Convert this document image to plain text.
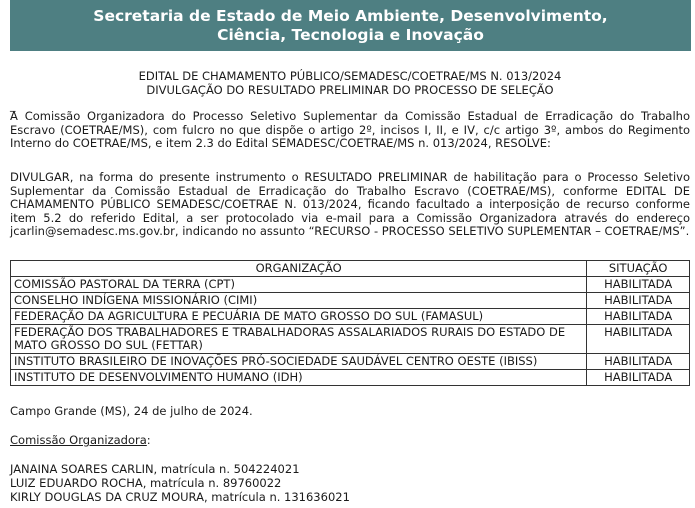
Secretaria de Estado de Meio Ambiente, Desenvolvimento,
Ciência, Tecnologia e Inovação
EDITAL DE CHAMAMENTO PÚBLICO/SEMADESC/COETRAE/MS N. 013/2024
DIVULGAÇÃO DO RESULTADO PRELIMINAR DO PROCESSO DE SELEÇÃO
_
A Comissão Organizadora do Processo Seletivo Suplementar da Comissão Estadual de Erradicação do Trabalho Escravo (COETRAE/MS), com fulcro no que dispõe o artigo 2º, incisos I, II, e IV, c/c artigo 3º, ambos do Regimento Interno do COETRAE/MS, e item 2.3 do Edital SEMADESC/COETRAE/MS n. 013/2024, RESOLVE:
DIVULGAR, na forma do presente instrumento o RESULTADO PRELIMINAR de habilitação para o Processo Seletivo Suplementar da Comissão Estadual de Erradicação do Trabalho Escravo (COETRAE/MS), conforme EDITAL DE CHAMAMENTO PÚBLICO SEMADESC/COETRAE N. 013/2024, ficando facultado a interposição de recurso conforme item 5.2 do referido Edital, a ser protocolado via e-mail para a Comissão Organizadora através do endereço jcarlin@semadesc.ms.gov.br, indicando no assunto “RECURSO - PROCESSO SELETIVO SUPLEMENTAR – COETRAE/MS”.
ORGANIZAÇÃO	SITUAÇÃO
COMISSÃO PASTORAL DA TERRA (CPT)	HABILITADA
CONSELHO INDÍGENA MISSIONÁRIO (CIMI)	HABILITADA
FEDERAÇÃO DA AGRICULTURA E PECUÁRIA DE MATO GROSSO DO SUL (FAMASUL)	HABILITADA
FEDERAÇÃO DOS TRABALHADORES E TRABALHADORAS ASSALARIADOS RURAIS DO ESTADO DE MATO GROSSO DO SUL (FETTAR)	HABILITADA
INSTITUTO BRASILEIRO DE INOVAÇÕES PRÓ-SOCIEDADE SAUDÁVEL CENTRO OESTE (IBISS)	HABILITADA
INSTITUTO DE DESENVOLVIMENTO HUMANO (IDH)	HABILITADA
Campo Grande (MS), 24 de julho de 2024.
Comissão Organizadora:
JANAINA SOARES CARLIN, matrícula n. 504224021
LUIZ EDUARDO ROCHA, matrícula n. 89760022
KIRLY DOUGLAS DA CRUZ MOURA, matrícula n. 131636021
